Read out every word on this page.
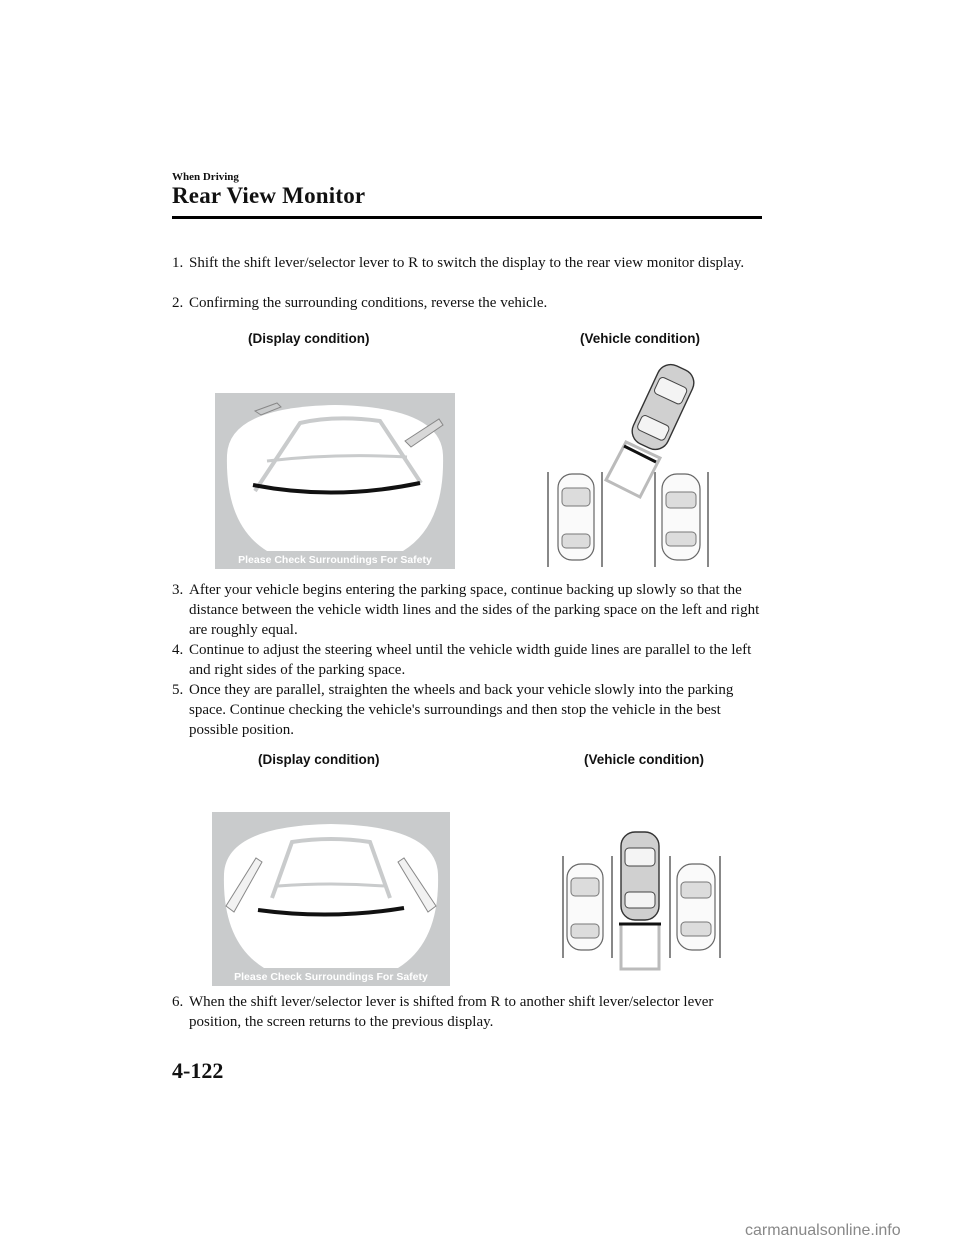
When Driving
Rear View Monitor
1. Shift the shift lever/selector lever to R to switch the display to the rear view monitor display.
2. Confirming the surrounding conditions, reverse the vehicle.
(Display condition)	(Vehicle condition)
Please Check Surroundings For Safety
3. After your vehicle begins entering the parking space, continue backing up slowly so that the distance between the vehicle width lines and the sides of the parking space on the left and right are roughly equal.
4. Continue to adjust the steering wheel until the vehicle width guide lines are parallel to the left and right sides of the parking space.
5. Once they are parallel, straighten the wheels and back your vehicle slowly into the parking space. Continue checking the vehicle's surroundings and then stop the vehicle in the best possible position.
(Display condition)	(Vehicle condition)
Please Check Surroundings For Safety
6. When the shift lever/selector lever is shifted from R to another shift lever/selector lever position, the screen returns to the previous display.
4-122
carmanualsonline.info
